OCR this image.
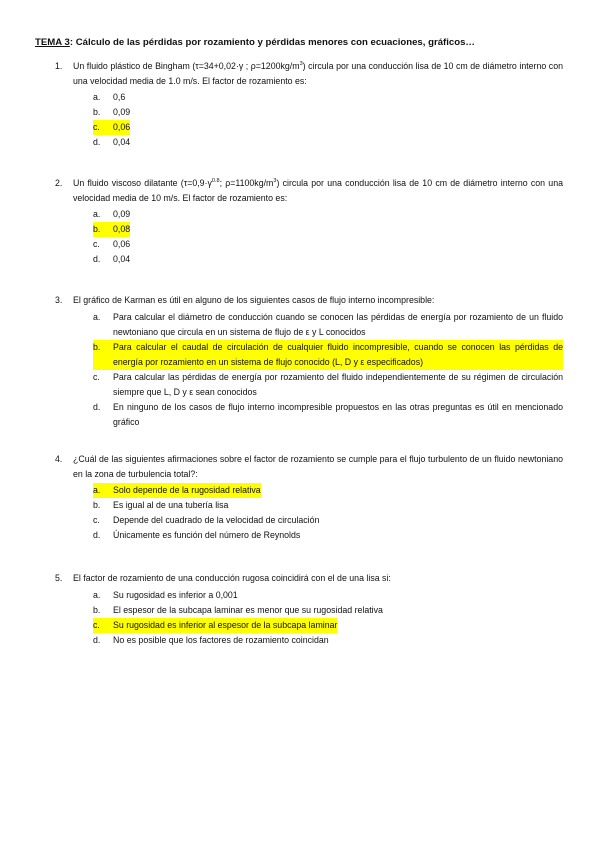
TEMA 3: Cálculo de las pérdidas por rozamiento y pérdidas menores con ecuaciones, gráficos…
1. Un fluido plástico de Bingham (τ=34+0,02·γ ; $\rho=1200kg/m^3$) circula por una conducción lisa de 10 cm de diámetro interno con una velocidad media de 1.0 m/s. El factor de rozamiento es:
a.	0,6
b.	0,09
c.	0,06
d.	0,04
2. Un fluido viscoso dilatante ($\tau=0,9\cdot\gamma^{0.8}$; $\rho=1100kg/m^3$) circula por una conducción lisa de 10 cm de diámetro interno con una velocidad media de 10 m/s. El factor de rozamiento es:
a.	0,09
b.	0,08
c.	0,06
d.	0,04
3. El gráfico de Karman es útil en alguno de los siguientes casos de flujo interno incompresible:
a.	Para calcular el diámetro de conducción cuando se conocen las pérdidas de energía por rozamiento de un fluido newtoniano que circula en un sistema de flujo de ε y L conocidos
b.	Para calcular el caudal de circulación de cualquier fluido incompresible, cuando se conocen las pérdidas de energía por rozamiento en un sistema de flujo conocido (L, D y ε especificados)
c.	Para calcular las pérdidas de energía por rozamiento del fluido independientemente de su régimen de circulación siempre que L, D y ε sean conocidos
d.	En ninguno de los casos de flujo interno incompresible propuestos en las otras preguntas es útil en mencionado gráfico
4. ¿Cuál de las siguientes afirmaciones sobre el factor de rozamiento se cumple para el flujo turbulento de un fluido newtoniano en la zona de turbulencia total?:
a.	Solo depende de la rugosidad relativa
b.	Es igual al de una tubería lisa
c.	Depende del cuadrado de la velocidad de circulación
d.	Únicamente es función del número de Reynolds
5. El factor de rozamiento de una conducción rugosa coincidirá con el de una lisa si:
a.	Su rugosidad es inferior a 0,001
b.	El espesor de la subcapa laminar es menor que su rugosidad relativa
c.	Su rugosidad es inferior al espesor de la subcapa laminar
d.	No es posible que los factores de rozamiento coincidan
